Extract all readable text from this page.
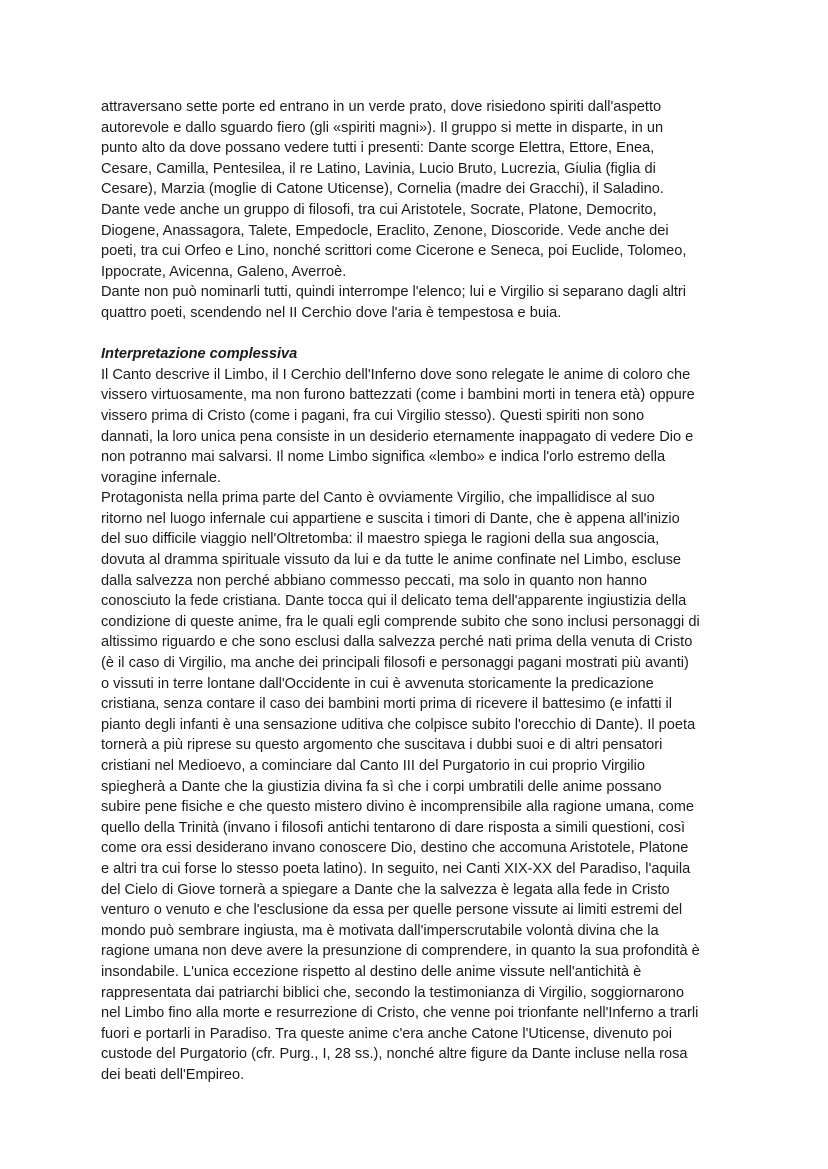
attraversano sette porte ed entrano in un verde prato, dove risiedono spiriti dall'aspetto
autorevole e dallo sguardo fiero (gli «spiriti magni»). Il gruppo si mette in disparte, in un
punto alto da dove possano vedere tutti i presenti: Dante scorge Elettra, Ettore, Enea,
Cesare, Camilla, Pentesilea, il re Latino, Lavinia, Lucio Bruto, Lucrezia, Giulia (figlia di
Cesare), Marzia (moglie di Catone Uticense), Cornelia (madre dei Gracchi), il Saladino.
Dante vede anche un gruppo di filosofi, tra cui Aristotele, Socrate, Platone, Democrito,
Diogene, Anassagora, Talete, Empedocle, Eraclito, Zenone, Dioscoride. Vede anche dei
poeti, tra cui Orfeo e Lino, nonché scrittori come Cicerone e Seneca, poi Euclide, Tolomeo,
Ippocrate, Avicenna, Galeno, Averroè.

Dante non può nominarli tutti, quindi interrompe l'elenco; lui e Virgilio si separano dagli altri
quattro poeti, scendendo nel II Cerchio dove l'aria è tempestosa e buia.

Interpretazione complessiva

Il Canto descrive il Limbo, il I Cerchio dell'Inferno dove sono relegate le anime di coloro che
vissero virtuosamente, ma non furono battezzati (come i bambini morti in tenera età) oppure
vissero prima di Cristo (come i pagani, fra cui Virgilio stesso). Questi spiriti non sono
dannati, la loro unica pena consiste in un desiderio eternamente inappagato di vedere Dio e
non potranno mai salvarsi. Il nome Limbo significa «lembo» e indica l'orlo estremo della
voragine infernale.

Protagonista nella prima parte del Canto è ovviamente Virgilio, che impallidisce al suo
ritorno nel luogo infernale cui appartiene e suscita i timori di Dante, che è appena all'inizio
del suo difficile viaggio nell'Oltretomba: il maestro spiega le ragioni della sua angoscia,
dovuta al dramma spirituale vissuto da lui e da tutte le anime confinate nel Limbo, escluse
dalla salvezza non perché abbiano commesso peccati, ma solo in quanto non hanno
conosciuto la fede cristiana. Dante tocca qui il delicato tema dell'apparente ingiustizia della
condizione di queste anime, fra le quali egli comprende subito che sono inclusi personaggi di
altissimo riguardo e che sono esclusi dalla salvezza perché nati prima della venuta di Cristo
(è il caso di Virgilio, ma anche dei principali filosofi e personaggi pagani mostrati più avanti)
o vissuti in terre lontane dall'Occidente in cui è avvenuta storicamente la predicazione
cristiana, senza contare il caso dei bambini morti prima di ricevere il battesimo (e infatti il
pianto degli infanti è una sensazione uditiva che colpisce subito l'orecchio di Dante). Il poeta
tornerà a più riprese su questo argomento che suscitava i dubbi suoi e di altri pensatori
cristiani nel Medioevo, a cominciare dal Canto III del Purgatorio in cui proprio Virgilio
spiegherà a Dante che la giustizia divina fa sì che i corpi umbratili delle anime possano
subire pene fisiche e che questo mistero divino è incomprensibile alla ragione umana, come
quello della Trinità (invano i filosofi antichi tentarono di dare risposta a simili questioni, così
come ora essi desiderano invano conoscere Dio, destino che accomuna Aristotele, Platone
e altri tra cui forse lo stesso poeta latino). In seguito, nei Canti XIX-XX del Paradiso, l'aquila
del Cielo di Giove tornerà a spiegare a Dante che la salvezza è legata alla fede in Cristo
venturo o venuto e che l'esclusione da essa per quelle persone vissute ai limiti estremi del
mondo può sembrare ingiusta, ma è motivata dall'imperscrutabile volontà divina che la
ragione umana non deve avere la presunzione di comprendere, in quanto la sua profondità è
insondabile. L'unica eccezione rispetto al destino delle anime vissute nell'antichità è
rappresentata dai patriarchi biblici che, secondo la testimonianza di Virgilio, soggiornarono
nel Limbo fino alla morte e resurrezione di Cristo, che venne poi trionfante nell'Inferno a trarli
fuori e portarli in Paradiso. Tra queste anime c'era anche Catone l'Uticense, divenuto poi
custode del Purgatorio (cfr. Purg., I, 28 ss.), nonché altre figure da Dante incluse nella rosa
dei beati dell'Empireo.
